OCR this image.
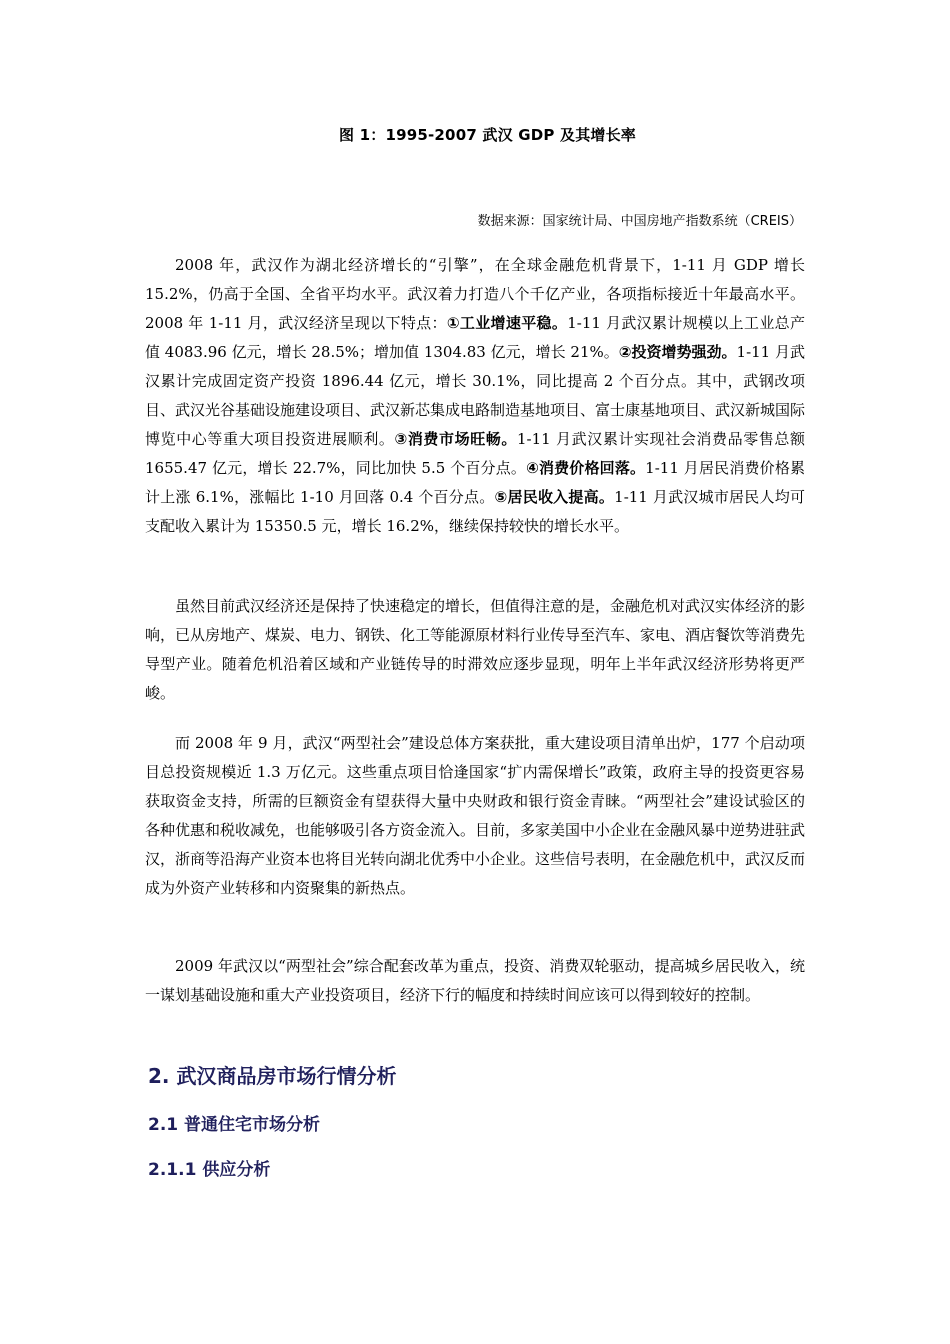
图 1：1995-2007 武汉 GDP 及其增长率
数据来源：国家统计局、中国房地产指数系统（CREIS）

2008 年，武汉作为湖北经济增长的“引擎”，在全球金融危机背景下，1-11 月 GDP 增长 15.2%，仍高于全国、全省平均水平。武汉着力打造八个千亿产业，各项指标接近十年最高水平。2008 年 1-11 月，武汉经济呈现以下特点：①工业增速平稳。1-11 月武汉累计规模以上工业总产值 4083.96 亿元，增长 28.5%；增加值 1304.83 亿元，增长 21%。②投资增势强劲。1-11 月武汉累计完成固定资产投资 1896.44 亿元，增长 30.1%，同比提高 2 个百分点。其中，武钢改项目、武汉光谷基础设施建设项目、武汉新芯集成电路制造基地项目、富士康基地项目、武汉新城国际博览中心等重大项目投资进展顺利。③消费市场旺畅。1-11 月武汉累计实现社会消费品零售总额 1655.47 亿元，增长 22.7%，同比加快 5.5 个百分点。④消费价格回落。1-11 月居民消费价格累计上涨 6.1%，涨幅比 1-10 月回落 0.4 个百分点。⑤居民收入提高。1-11 月武汉城市居民人均可支配收入累计为 15350.5 元，增长 16.2%，继续保持较快的增长水平。

虽然目前武汉经济还是保持了快速稳定的增长，但值得注意的是，金融危机对武汉实体经济的影响，已从房地产、煤炭、电力、钢铁、化工等能源原材料行业传导至汽车、家电、酒店餐饮等消费先导型产业。随着危机沿着区域和产业链传导的时滞效应逐步显现，明年上半年武汉经济形势将更严峻。

而 2008 年 9 月，武汉“两型社会”建设总体方案获批，重大建设项目清单出炉，177 个启动项目总投资规模近 1.3 万亿元。这些重点项目恰逢国家“扩内需保增长”政策，政府主导的投资更容易获取资金支持，所需的巨额资金有望获得大量中央财政和银行资金青睐。“两型社会”建设试验区的各种优惠和税收减免，也能够吸引各方资金流入。目前，多家美国中小企业在金融风暴中逆势进驻武汉，浙商等沿海产业资本也将目光转向湖北优秀中小企业。这些信号表明，在金融危机中，武汉反而成为外资产业转移和内资聚集的新热点。

2009 年武汉以“两型社会”综合配套改革为重点，投资、消费双轮驱动，提高城乡居民收入，统一谋划基础设施和重大产业投资项目，经济下行的幅度和持续时间应该可以得到较好的控制。

2. 武汉商品房市场行情分析
2.1 普通住宅市场分析
2.1.1 供应分析
